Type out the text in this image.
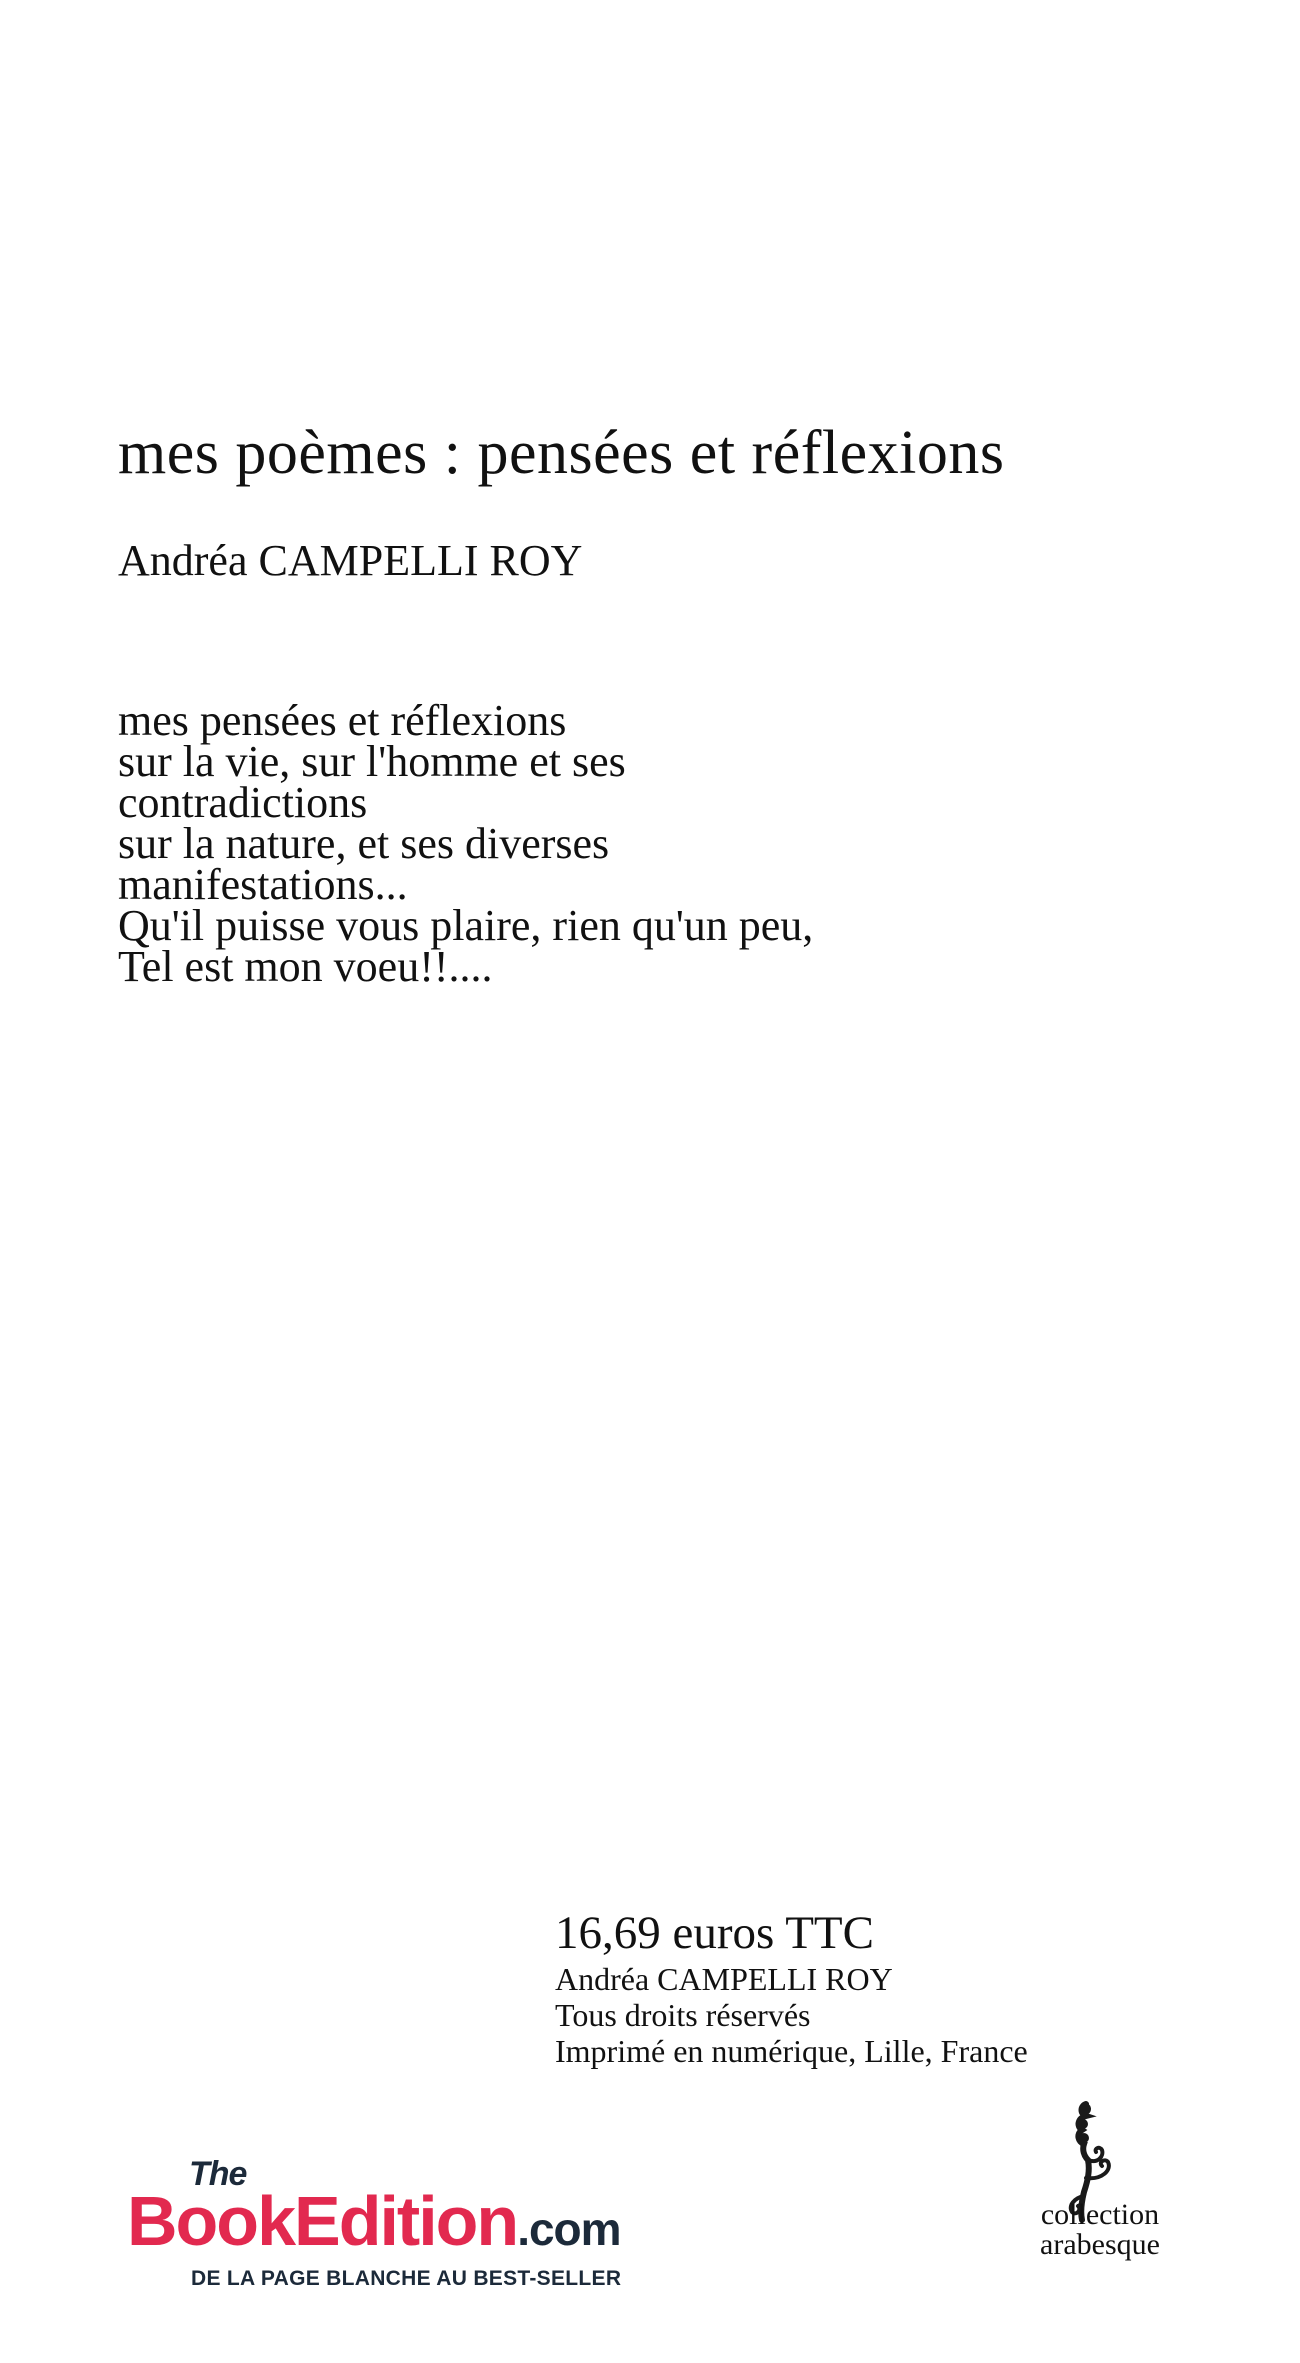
mes poèmes : pensées et réflexions
Andréa CAMPELLI ROY
mes pensées et réflexions
sur la vie, sur l'homme et ses
contradictions
sur la nature, et ses diverses
manifestations...
Qu'il puisse vous plaire, rien qu'un peu,
Tel est mon voeu!!....
16,69 euros TTC
Andréa CAMPELLI ROY
Tous droits réservés
Imprimé en numérique, Lille, France
The
BookEdition.com
DE LA PAGE BLANCHE AU BEST-SELLER
collection
arabesque
